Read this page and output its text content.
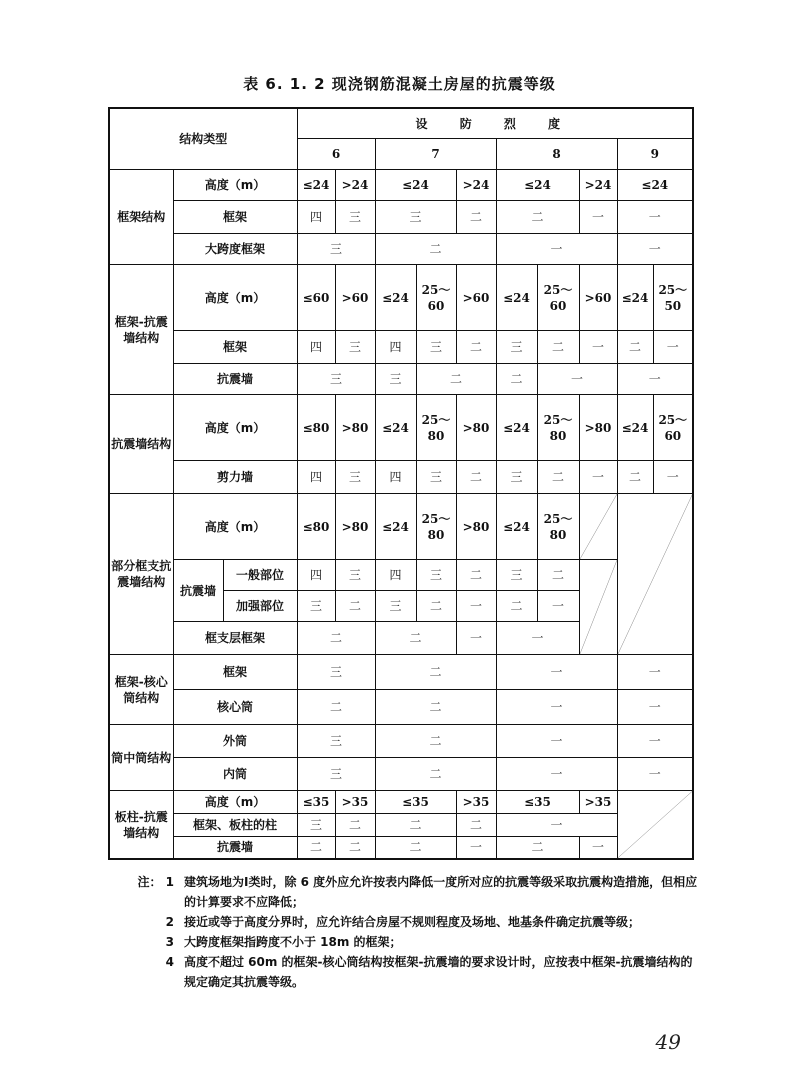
表 6. 1. 2 现浇钢筋混凝土房屋的抗震等级
结构类型			设 防 烈 度									
			6		7			8			9	
框架结构	高度（m）		≤24	>24	≤24		>24	≤24		>24	≤24	
	框架		四	三	三		二	二		一	一	
	大跨度框架		三		二			一			一	
框架-抗震墙结构	高度（m）		≤60	>60	≤24	25～60	>60	≤24	25～60	>60	≤24	25～50
	框架		四	三	四	三	二	三	二	一	二	一
	抗震墙		三		三	二		二	一		一	
抗震墙结构	高度（m）		≤80	>80	≤24	25～80	>80	≤24	25～80	>80	≤24	25～60
	剪力墙		四	三	四	三	二	三	二	一	二	一
部分框支抗震墙结构	高度（m）		≤80	>80	≤24	25～80	>80	≤24	25～80	

	抗震墙	一般部位	四	三	四	三	二	三	二	

		加强部位	三	二	三	二	一	二	一			
	框支层框架		二		二		一	一				
框架-核心筒结构	框架		三		二			一			一	
	核心筒		二		二			一			一	
筒中筒结构	外筒		三		二			一			一	
	内筒		三		二			一			一	
板柱-抗震墙结构	高度（m）		≤35	>35	≤35		>35	≤35		>35	

	框架、板柱的柱		三	二	二		二	一				
	抗震墙		二	二	二		一	二		一		
注： 1 建筑场地为Ⅰ类时，除 6 度外应允许按表内降低一度所对应的抗震等级采取抗震构造措施，但相应的计算要求不应降低；
2 接近或等于高度分界时，应允许结合房屋不规则程度及场地、地基条件确定抗震等级；
3 大跨度框架指跨度不小于 18m 的框架；
4 高度不超过 60m 的框架-核心筒结构按框架-抗震墙的要求设计时，应按表中框架-抗震墙结构的规定确定其抗震等级。
49
